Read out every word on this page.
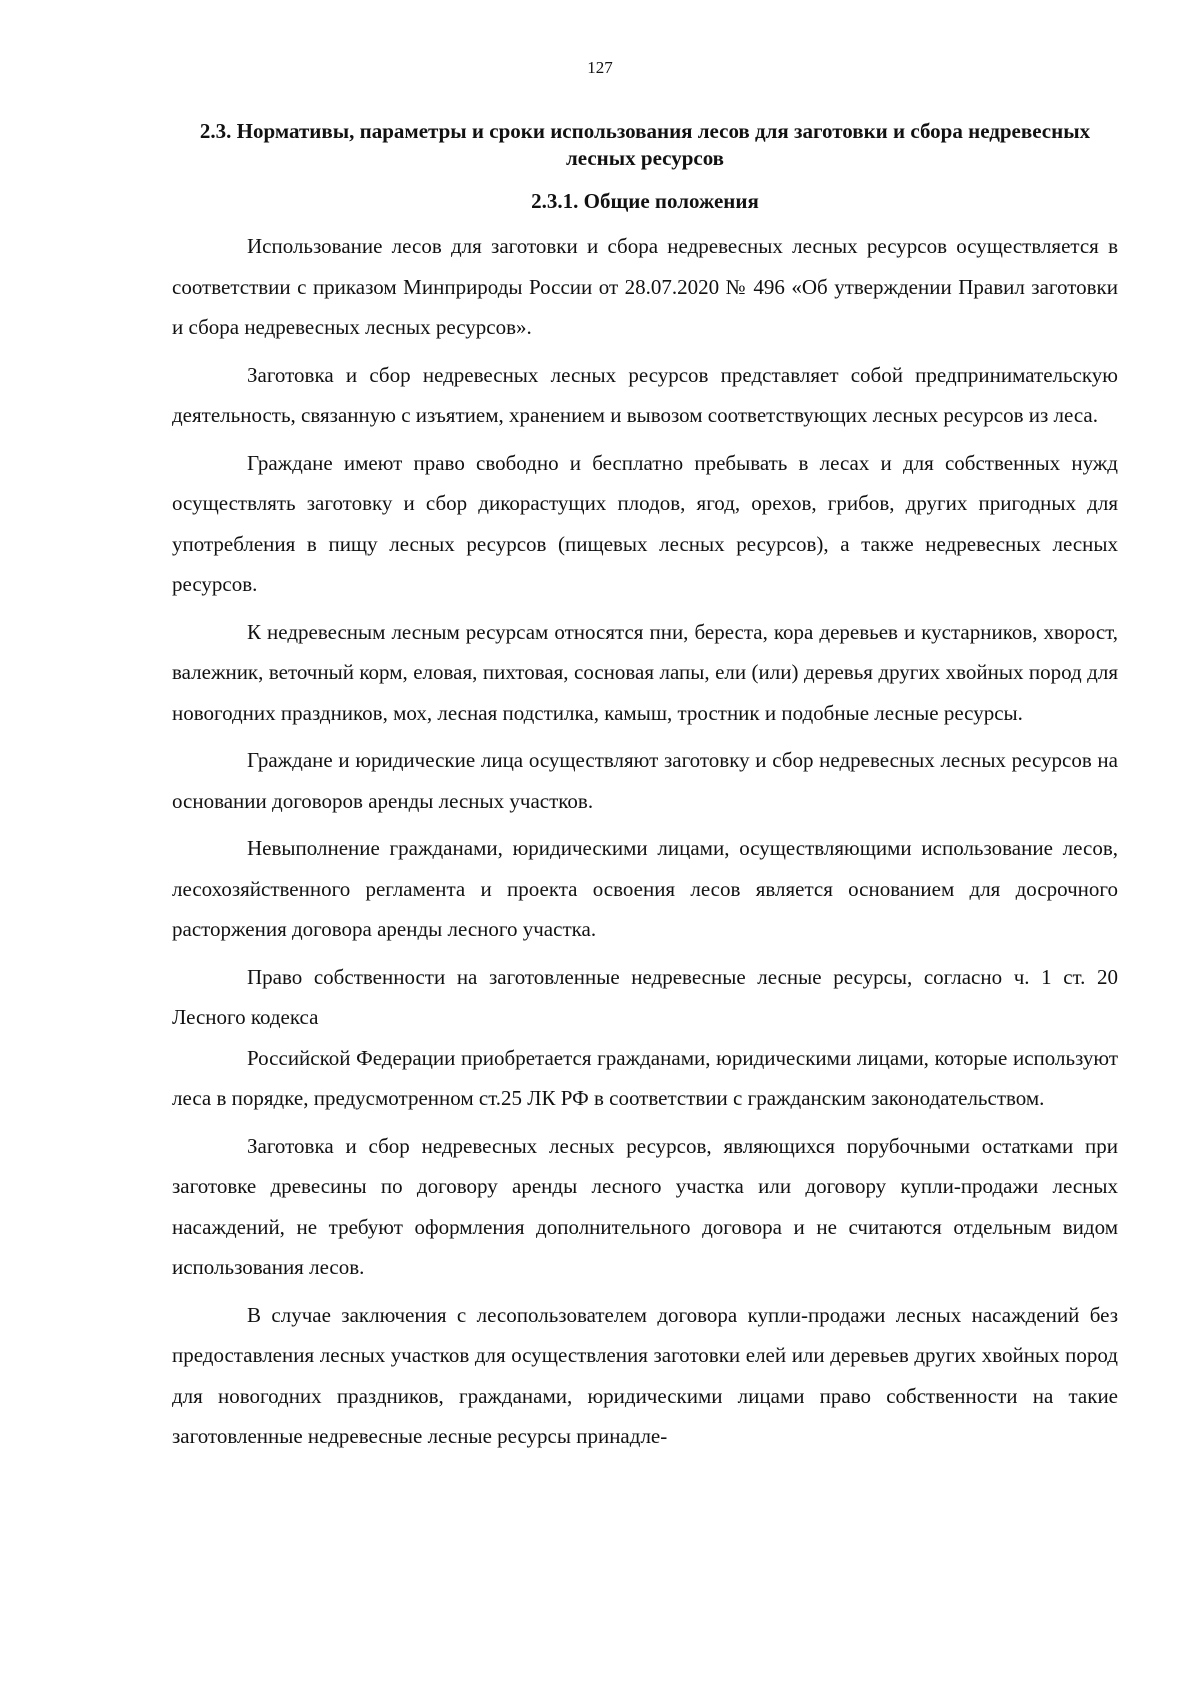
127
2.3. Нормативы, параметры и сроки использования лесов для заготовки и сбора недревесных лесных ресурсов
2.3.1. Общие положения

Использование лесов для заготовки и сбора недревесных лесных ресурсов осуществляется в соответствии с приказом Минприроды России от 28.07.2020 № 496 «Об утверждении Правил заготовки и сбора недревесных лесных ресурсов».

Заготовка и сбор недревесных лесных ресурсов представляет собой предпринимательскую деятельность, связанную с изъятием, хранением и вывозом соответствующих лесных ресурсов из леса.

Граждане имеют право свободно и бесплатно пребывать в лесах и для собственных нужд осуществлять заготовку и сбор дикорастущих плодов, ягод, орехов, грибов, других пригодных для употребления в пищу лесных ресурсов (пищевых лесных ресурсов), а также недревесных лесных ресурсов.

К недревесным лесным ресурсам относятся пни, береста, кора деревьев и кустарников, хворост, валежник, веточный корм, еловая, пихтовая, сосновая лапы, ели (или) деревья других хвойных пород для новогодних праздников, мох, лесная подстилка, камыш, тростник и подобные лесные ресурсы.

Граждане и юридические лица осуществляют заготовку и сбор недревесных лесных ресурсов на основании договоров аренды лесных участков.

Невыполнение гражданами, юридическими лицами, осуществляющими использование лесов, лесохозяйственного регламента и проекта освоения лесов является основанием для досрочного расторжения договора аренды лесного участка.

Право собственности на заготовленные недревесные лесные ресурсы, согласно ч. 1 ст. 20 Лесного кодекса

Российской Федерации приобретается гражданами, юридическими лицами, которые используют леса в порядке, предусмотренном ст.25 ЛК РФ в соответствии с гражданским законодательством.

Заготовка и сбор недревесных лесных ресурсов, являющихся порубочными остатками при заготовке древесины по договору аренды лесного участка или договору купли-продажи лесных насаждений, не требуют оформления дополнительного договора и не считаются отдельным видом использования лесов.

В случае заключения с лесопользователем договора купли-продажи лесных насаждений без предоставления лесных участков для осуществления заготовки елей или деревьев других хвойных пород для новогодних праздников, гражданами, юридическими лицами право собственности на такие заготовленные недревесные лесные ресурсы принадле-
